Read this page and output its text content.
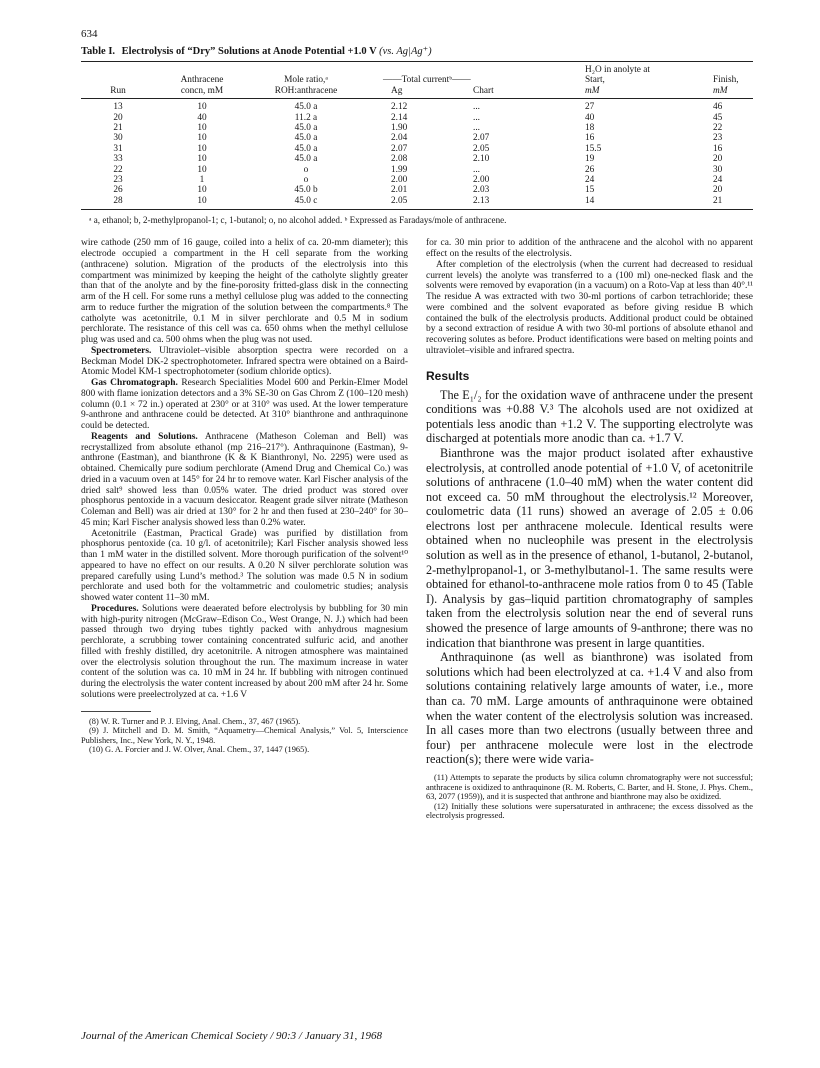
634
Table I. Electrolysis of “Dry” Solutions at Anode Potential +1.0 V (vs. Ag|Ag⁺)
					H₂O in anolyte at	
	Anthracene	Mole ratio,ᵃ	——Total currentᵇ——		Start,	Finish,
Run	concn, mM	ROH:anthracene	Ag	Chart	mM	mM
13	10	45.0 a	2.12	...	27	46
20	40	11.2 a	2.14	...	40	45
21	10	45.0 a	1.90	...	18	22
30	10	45.0 a	2.04	2.07	16	23
31	10	45.0 a	2.07	2.05	15.5	16
33	10	45.0 a	2.08	2.10	19	20
22	10	o	1.99	...	26	30
23	1	o	2.00	2.00	24	24
26	10	45.0 b	2.01	2.03	15	20
28	10	45.0 c	2.05	2.13	14	21
ᵃ a, ethanol; b, 2-methylpropanol-1; c, 1-butanol; o, no alcohol added. ᵇ Expressed as Faradays/mole of anthracene.

wire cathode (250 mm of 16 gauge, coiled into a helix of ca. 20-mm diameter); this electrode occupied a compartment in the H cell separate from the working (anthracene) solution. Migration of the products of the electrolysis into this compartment was minimized by keeping the height of the catholyte slightly greater than that of the anolyte and by the fine-porosity fritted-glass disk in the connecting arm of the H cell. For some runs a methyl cellulose plug was added to the connecting arm to reduce further the migration of the solution between the compartments.⁸ The catholyte was acetonitrile, 0.1 M in silver perchlorate and 0.5 M in sodium perchlorate. The resistance of this cell was ca. 650 ohms when the methyl cellulose plug was used and ca. 500 ohms when the plug was not used.

Spectrometers. Ultraviolet–visible absorption spectra were recorded on a Beckman Model DK-2 spectrophotometer. Infrared spectra were obtained on a Baird-Atomic Model KM-1 spectrophotometer (sodium chloride optics).

Gas Chromatograph. Research Specialities Model 600 and Perkin-Elmer Model 800 with flame ionization detectors and a 3% SE-30 on Gas Chrom Z (100–120 mesh) column (0.1 × 72 in.) operated at 230° or at 310° was used. At the lower temperature 9-anthrone and anthracene could be detected. At 310° bianthrone and anthraquinone could be detected.

Reagents and Solutions. Anthracene (Matheson Coleman and Bell) was recrystallized from absolute ethanol (mp 216–217°). Anthraquinone (Eastman), 9-anthrone (Eastman), and bianthrone (K & K Bianthronyl, No. 2295) were used as obtained. Chemically pure sodium perchlorate (Amend Drug and Chemical Co.) was dried in a vacuum oven at 145° for 24 hr to remove water. Karl Fischer analysis of the dried salt⁹ showed less than 0.05% water. The dried product was stored over phosphorus pentoxide in a vacuum desiccator. Reagent grade silver nitrate (Matheson Coleman and Bell) was air dried at 130° for 2 hr and then fused at 230–240° for 30–45 min; Karl Fischer analysis showed less than 0.2% water.

Acetonitrile (Eastman, Practical Grade) was purified by distillation from phosphorus pentoxide (ca. 10 g/l. of acetonitrile); Karl Fischer analysis showed less than 1 mM water in the distilled solvent. More thorough purification of the solvent¹⁰ appeared to have no effect on our results. A 0.20 N silver perchlorate solution was prepared carefully using Lund’s method.³ The solution was made 0.5 N in sodium perchlorate and used both for the voltammetric and coulometric studies; analysis showed water content 11–30 mM.

Procedures. Solutions were deaerated before electrolysis by bubbling for 30 min with high-purity nitrogen (McGraw–Edison Co., West Orange, N. J.) which had been passed through two drying tubes tightly packed with anhydrous magnesium perchlorate, a scrubbing tower containing concentrated sulfuric acid, and another filled with freshly distilled, dry acetonitrile. A nitrogen atmosphere was maintained over the electrolysis solution throughout the run. The maximum increase in water content of the solution was ca. 10 mM in 24 hr. If bubbling with nitrogen continued during the electrolysis the water content increased by about 200 mM after 24 hr. Some solutions were preelectrolyzed at ca. +1.6 V

(8) W. R. Turner and P. J. Elving, Anal. Chem., 37, 467 (1965).

(9) J. Mitchell and D. M. Smith, “Aquametry—Chemical Analysis,” Vol. 5, Interscience Publishers, Inc., New York, N. Y., 1948.

(10) G. A. Forcier and J. W. Olver, Anal. Chem., 37, 1447 (1965).

for ca. 30 min prior to addition of the anthracene and the alcohol with no apparent effect on the results of the electrolysis.

After completion of the electrolysis (when the current had decreased to residual current levels) the anolyte was transferred to a (100 ml) one-necked flask and the solvents were removed by evaporation (in a vacuum) on a Roto-Vap at less than 40°.¹¹ The residue A was extracted with two 30-ml portions of carbon tetrachloride; these were combined and the solvent evaporated as before giving residue B which contained the bulk of the electrolysis products. Additional product could be obtained by a second extraction of residue A with two 30-ml portions of absolute ethanol and recovering solutes as before. Product identifications were based on melting points and ultraviolet–visible and infrared spectra.

Results

The E₁/₂ for the oxidation wave of anthracene under the present conditions was +0.88 V.³ The alcohols used are not oxidized at potentials less anodic than +1.2 V. The supporting electrolyte was discharged at potentials more anodic than ca. +1.7 V.

Bianthrone was the major product isolated after exhaustive electrolysis, at controlled anode potential of +1.0 V, of acetonitrile solutions of anthracene (1.0–40 mM) when the water content did not exceed ca. 50 mM throughout the electrolysis.¹² Moreover, coulometric data (11 runs) showed an average of 2.05 ± 0.06 electrons lost per anthracene molecule. Identical results were obtained when no nucleophile was present in the electrolysis solution as well as in the presence of ethanol, 1-butanol, 2-butanol, 2-methylpropanol-1, or 3-methylbutanol-1. The same results were obtained for ethanol-to-anthracene mole ratios from 0 to 45 (Table I). Analysis by gas–liquid partition chromatography of samples taken from the electrolysis solution near the end of several runs showed the presence of large amounts of 9-anthrone; there was no indication that bianthrone was present in large quantities.

Anthraquinone (as well as bianthrone) was isolated from solutions which had been electrolyzed at ca. +1.4 V and also from solutions containing relatively large amounts of water, i.e., more than ca. 70 mM. Large amounts of anthraquinone were obtained when the water content of the electrolysis solution was increased. In all cases more than two electrons (usually between three and four) per anthracene molecule were lost in the electrode reaction(s); there were wide varia-

(11) Attempts to separate the products by silica column chromatography were not successful; anthracene is oxidized to anthraquinone (R. M. Roberts, C. Barter, and H. Stone, J. Phys. Chem., 63, 2077 (1959)), and it is suspected that anthrone and bianthrone may also be oxidized.

(12) Initially these solutions were supersaturated in anthracene; the excess dissolved as the electrolysis progressed.

Journal of the American Chemical Society / 90:3 / January 31, 1968
